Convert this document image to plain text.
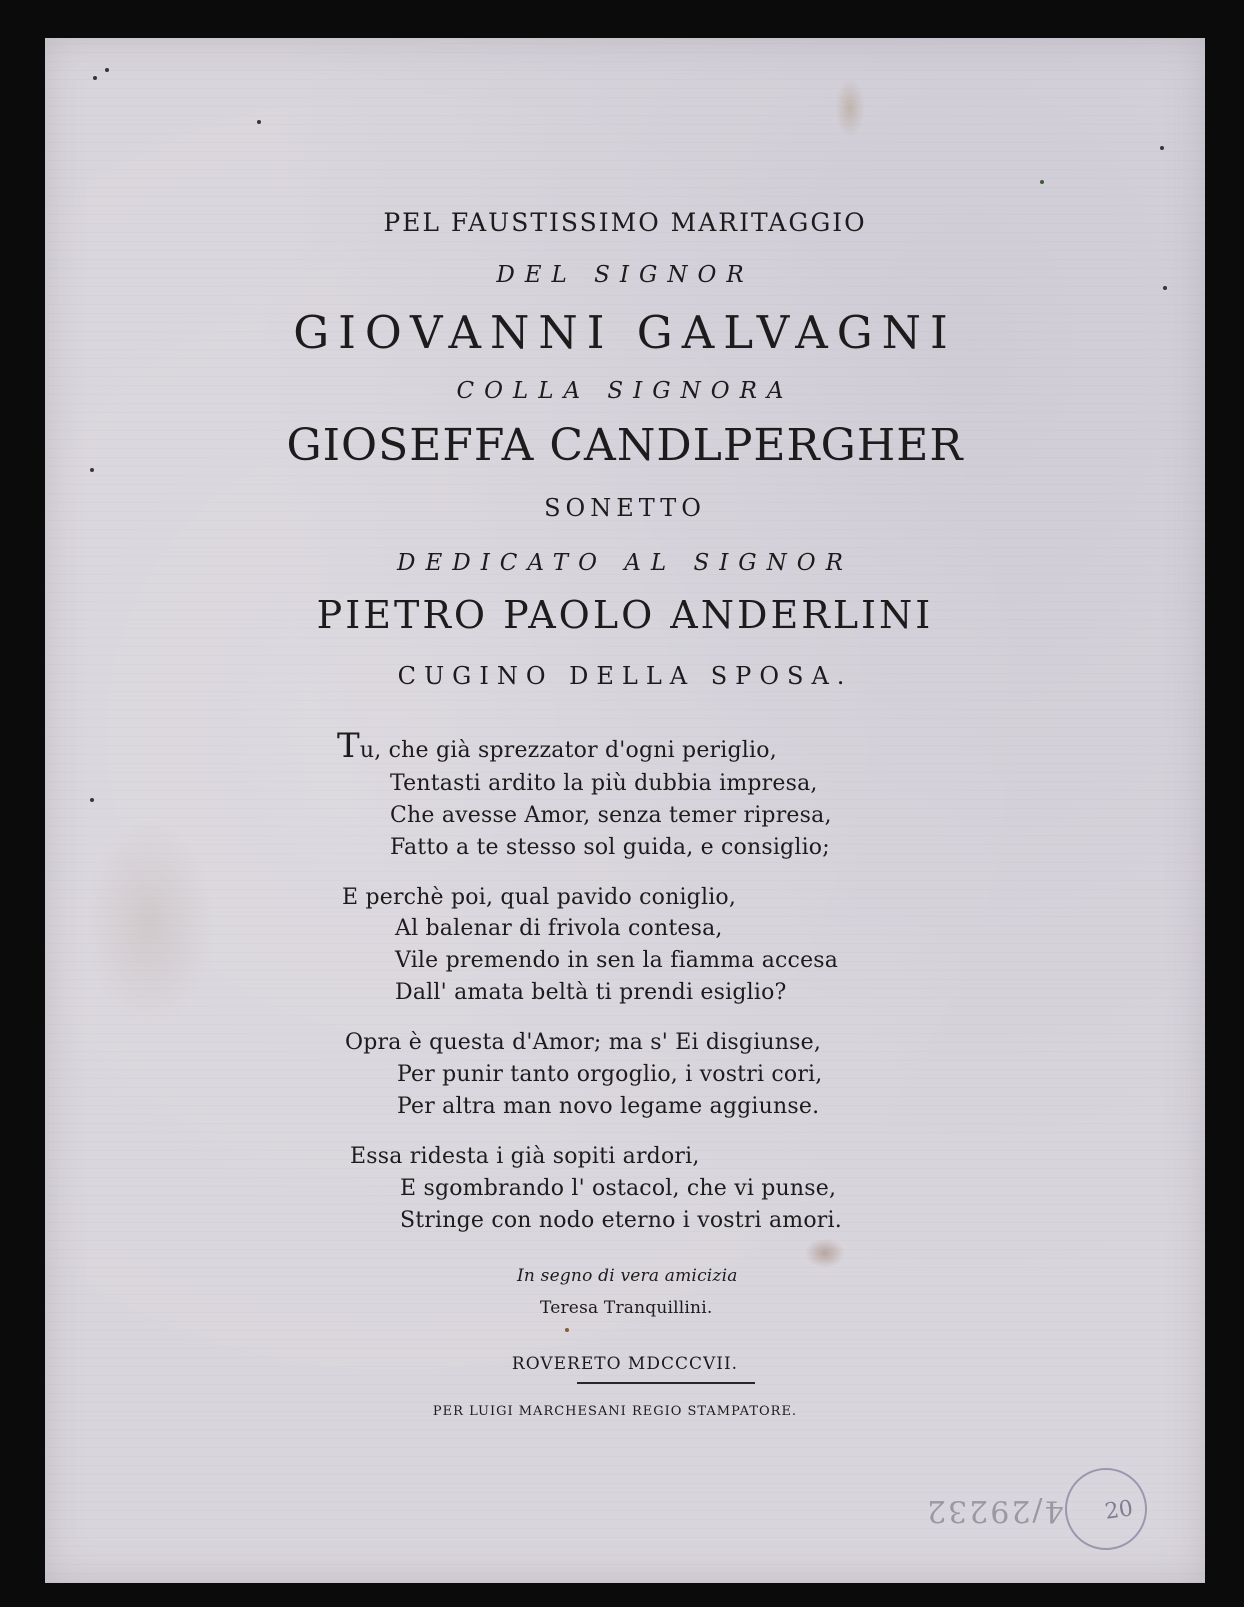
PEL FAUSTISSIMO MARITAGGIO
DEL SIGNOR
GIOVANNI GALVAGNI
COLLA SIGNORA
GIOSEFFA CANDLPERGHER
SONETTO
DEDICATO AL SIGNOR
PIETRO PAOLO ANDERLINI
CUGINO DELLA SPOSA.
Tu, che già sprezzator d'ogni periglio,
Tentasti ardito la più dubbia impresa,
Che avesse Amor, senza temer ripresa,
Fatto a te stesso sol guida, e consiglio;
E perchè poi, qual pavido coniglio,
Al balenar di frivola contesa,
Vile premendo in sen la fiamma accesa
Dall' amata beltà ti prendi esiglio?
Opra è questa d'Amor; ma s' Ei disgiunse,
Per punir tanto orgoglio, i vostri cori,
Per altra man novo legame aggiunse.
Essa ridesta i già sopiti ardori,
E sgombrando l' ostacol, che vi punse,
Stringe con nodo eterno i vostri amori.
In segno di vera amicizia
Teresa Tranquillini.
ROVERETO MDCCCVII.
PER LUIGI MARCHESANI REGIO STAMPATORE.
4/29232 20
